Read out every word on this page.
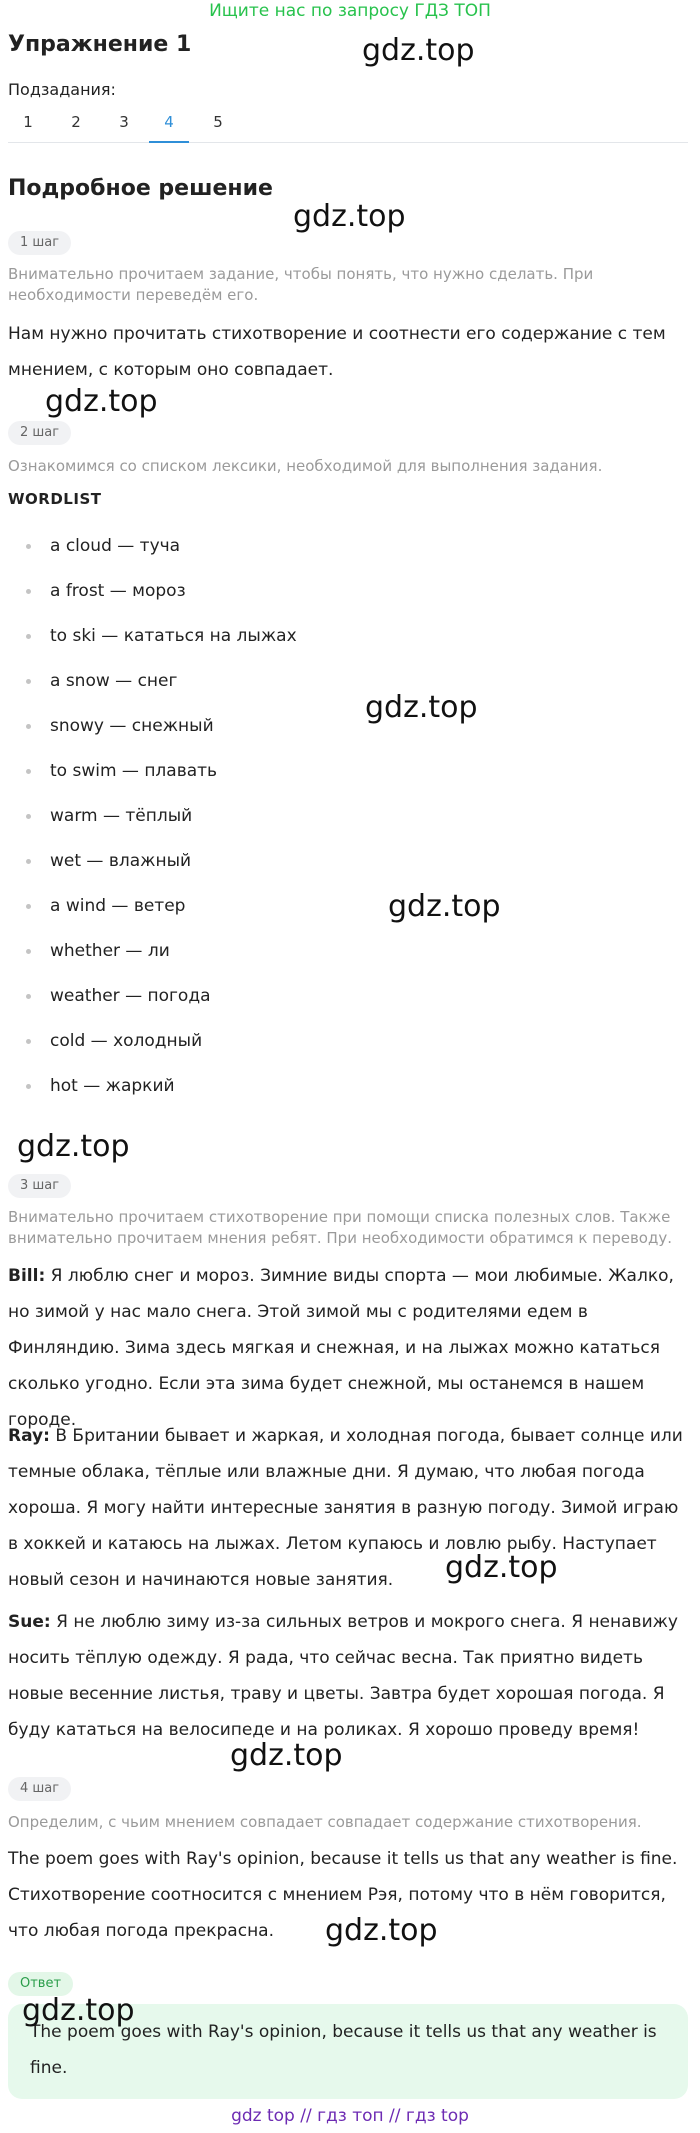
Ищите нас по запросу ГДЗ ТОП
Упражнение 1	gdz.top
Подзадания:
1	2	3	4	5
Подробное решение
gdz.top
1 шаг
Внимательно прочитаем задание, чтобы понять, что нужно сделать. При необходимости переведём его.
Нам нужно прочитать стихотворение и соотнести его содержание с тем мнением, с которым оно совпадает.
gdz.top
2 шаг
Ознакомимся со списком лексики, необходимой для выполнения задания.
WORDLIST
a cloud — туча
a frost — мороз
to ski — кататься на лыжах
a snow — снег
snowy — снежный
to swim — плавать
warm — тёплый
wet — влажный
a wind — ветер
whether — ли
weather — погода
cold — холодный
hot — жаркий
gdz.top
gdz.top
gdz.top
3 шаг
Внимательно прочитаем стихотворение при помощи списка полезных слов. Также внимательно прочитаем мнения ребят. При необходимости обратимся к переводу.
Bill: Я люблю снег и мороз. Зимние виды спорта — мои любимые. Жалко, но зимой у нас мало снега. Этой зимой мы с родителями едем в Финляндию. Зима здесь мягкая и снежная, и на лыжах можно кататься сколько угодно. Если эта зима будет снежной, мы останемся в нашем городе.
Ray: В Британии бывает и жаркая, и холодная погода, бывает солнце или темные облака, тёплые или влажные дни. Я думаю, что любая погода хороша. Я могу найти интересные занятия в разную погоду. Зимой играю в хоккей и катаюсь на лыжах. Летом купаюсь и ловлю рыбу. Наступает новый сезон и начинаются новые занятия.	gdz.top
Sue: Я не люблю зиму из-за сильных ветров и мокрого снега. Я ненавижу носить тёплую одежду. Я рада, что сейчас весна. Так приятно видеть новые весенние листья, траву и цветы. Завтра будет хорошая погода. Я буду кататься на велосипеде и на роликах. Я хорошо проведу время!
gdz.top
4 шаг
Определим, с чьим мнением совпадает совпадает содержание стихотворения.
The poem goes with Ray's opinion, because it tells us that any weather is fine. Стихотворение соотносится с мнением Рэя, потому что в нём говорится, что любая погода прекрасна.	gdz.top
Ответ
The poem goes with Ray's opinion, because it tells us that any weather is fine.
gdz.top
gdz top // гдз топ // гдз top
